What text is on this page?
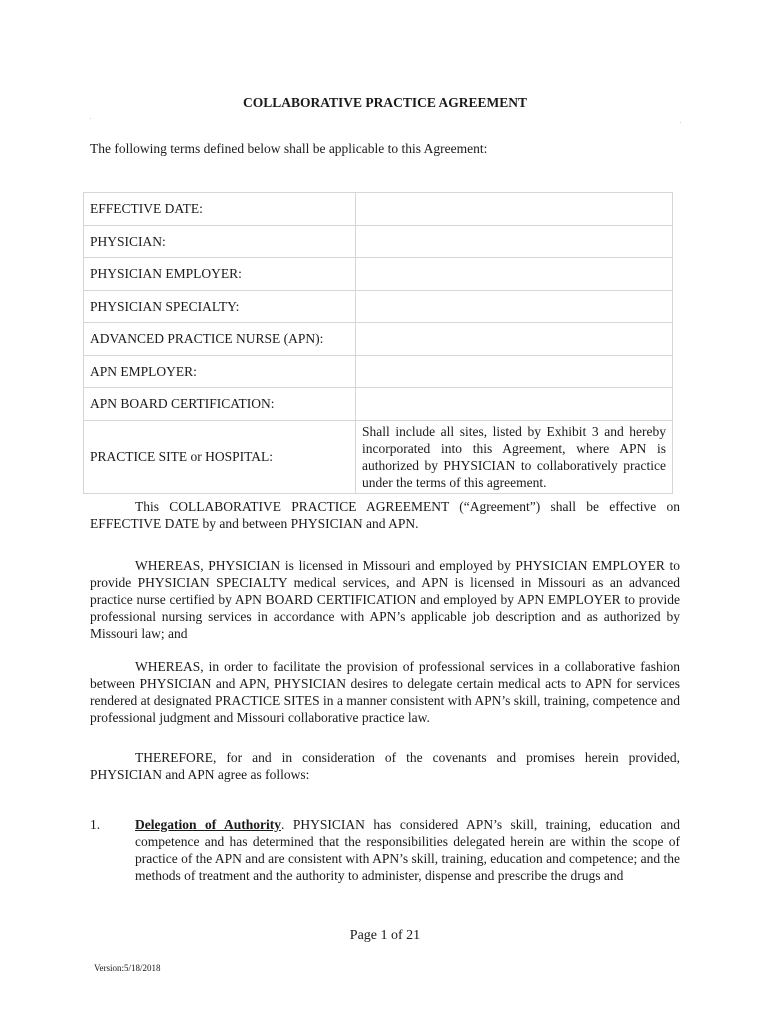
COLLABORATIVE PRACTICE AGREEMENT
The following terms defined below shall be applicable to this Agreement:
EFFECTIVE DATE:	
PHYSICIAN:	
PHYSICIAN EMPLOYER:	
PHYSICIAN SPECIALTY:	
ADVANCED PRACTICE NURSE (APN):	
APN EMPLOYER:	
APN BOARD CERTIFICATION:	
PRACTICE SITE or HOSPITAL:	Shall include all sites, listed by Exhibit 3 and hereby incorporated into this Agreement, where APN is authorized by PHYSICIAN to collaboratively practice under the terms of this agreement.
This COLLABORATIVE PRACTICE AGREEMENT (“Agreement”) shall be effective on EFFECTIVE DATE by and between PHYSICIAN and APN.
WHEREAS, PHYSICIAN is licensed in Missouri and employed by PHYSICIAN EMPLOYER to provide PHYSICIAN SPECIALTY medical services, and APN is licensed in Missouri as an advanced practice nurse certified by APN BOARD CERTIFICATION and employed by APN EMPLOYER to provide professional nursing services in accordance with APN’s applicable job description and as authorized by Missouri law; and
WHEREAS, in order to facilitate the provision of professional services in a collaborative fashion between PHYSICIAN and APN, PHYSICIAN desires to delegate certain medical acts to APN for services rendered at designated PRACTICE SITES in a manner consistent with APN’s skill, training, competence and professional judgment and Missouri collaborative practice law.
THEREFORE, for and in consideration of the covenants and promises herein provided, PHYSICIAN and APN agree as follows:
1.	Delegation of Authority. PHYSICIAN has considered APN’s skill, training, education and competence and has determined that the responsibilities delegated herein are within the scope of practice of the APN and are consistent with APN’s skill, training, education and competence; and the methods of treatment and the authority to administer, dispense and prescribe the drugs and
Page 1 of 21
Version:5/18/2018
